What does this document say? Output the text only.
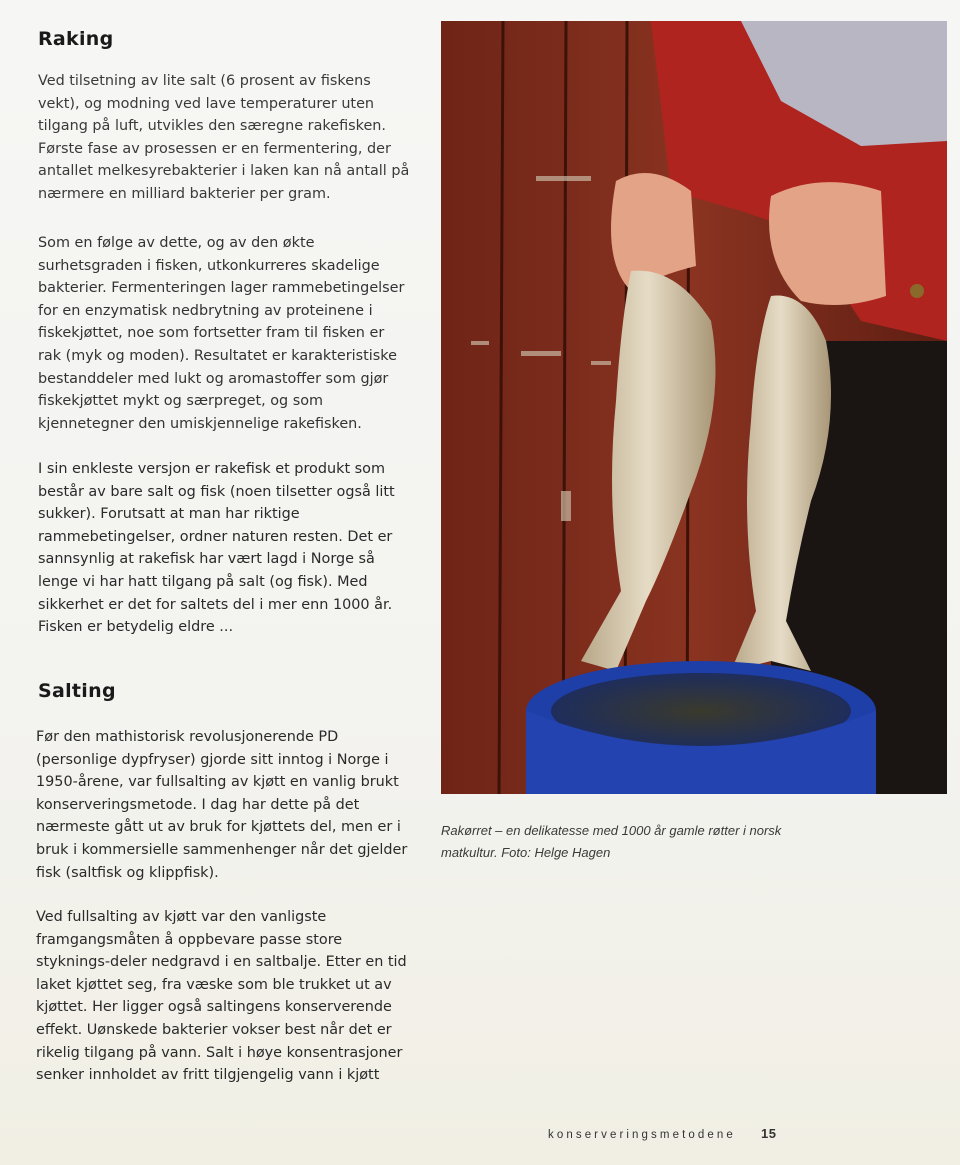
Raking

Ved tilsetning av lite salt (6 prosent av fiskens vekt), og modning ved lave temperaturer uten tilgang på luft, utvikles den særegne rakefisken. Første fase av prosessen er en fermentering, der antallet melkesyrebakterier i laken kan nå antall på nærmere en milliard bakterier per gram.

Som en følge av dette, og av den økte surhetsgraden i fisken, utkonkurreres skadelige bakterier. Fermenteringen lager rammebetingelser for en enzymatisk nedbrytning av proteinene i fiskekjøttet, noe som fortsetter fram til fisken er rak (myk og moden). Resultatet er karakteristiske bestanddeler med lukt og aromastoffer som gjør fiskekjøttet mykt og særpreget, og som kjennetegner den umiskjennelige rakefisken.

I sin enkleste versjon er rakefisk et produkt som består av bare salt og fisk (noen tilsetter også litt sukker). Forutsatt at man har riktige rammebetingelser, ordner naturen resten. Det er sannsynlig at rakefisk har vært lagd i Norge så lenge vi har hatt tilgang på salt (og fisk). Med sikkerhet er det for saltets del i mer enn 1000 år. Fisken er betydelig eldre ...

Salting

Før den mathistorisk revolusjonerende PD (personlige dypfryser) gjorde sitt inntog i Norge i 1950-årene, var fullsalting av kjøtt en vanlig brukt konserveringsmetode. I dag har dette på det nærmeste gått ut av bruk for kjøttets del, men er i bruk i kommersielle sammenhenger når det gjelder fisk (saltfisk og klippfisk).

Ved fullsalting av kjøtt var den vanligste framgangsmåten å oppbevare passe store styknings-deler nedgravd i en saltbalje. Etter en tid laket kjøttet seg, fra væske som ble trukket ut av kjøttet. Her ligger også saltingens konserverende effekt. Uønskede bakterier vokser best når det er rikelig tilgang på vann. Salt i høye konsentrasjoner senker innholdet av fritt tilgjengelig vann i kjøtt

Rakørret – en delikatesse med 1000 år gamle røtter i norsk matkultur. Foto: Helge Hagen

konserveringsmetodene 15
